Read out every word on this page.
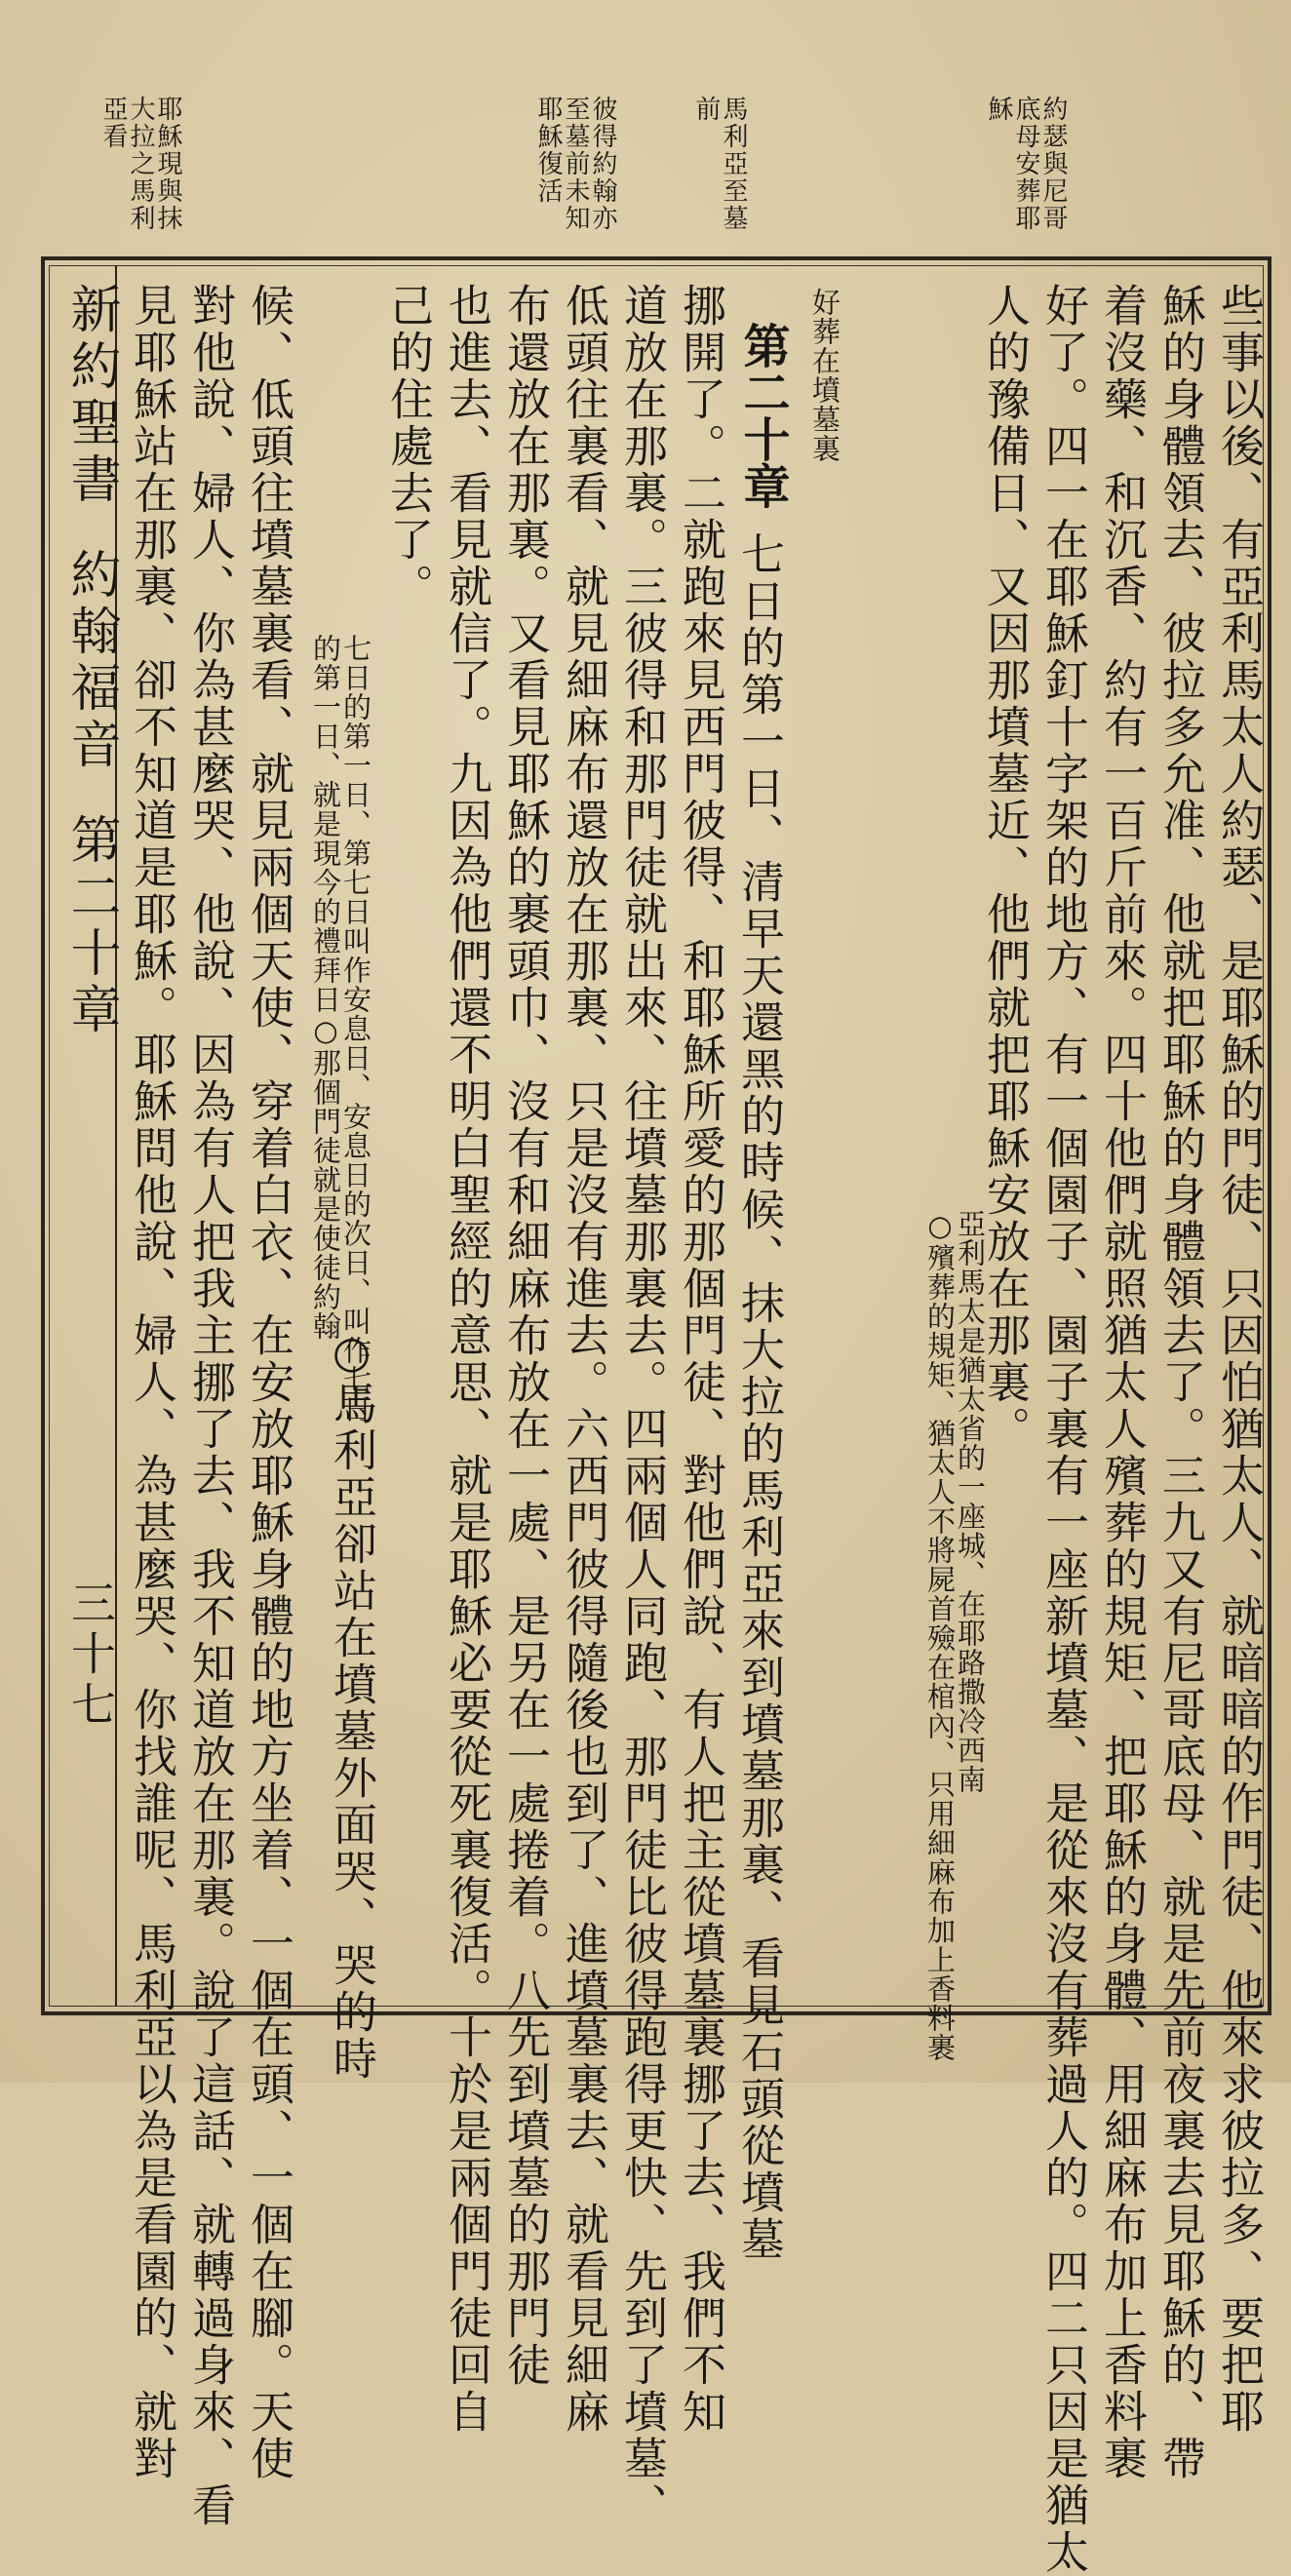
約瑟與尼哥
底母安葬耶
穌
馬利亞至墓
前
彼得約翰亦
至墓前未知
耶穌復活
耶穌現與抹
大拉之馬利
亞看
新約聖書約翰福音第二十章
三十七	些事以後、有亞利馬太人約瑟、是耶穌的門徒、只因怕猶太人、就暗暗的作門徒、他來求彼拉多、要把耶
穌的身體領去、彼拉多允准、他就把耶穌的身體領去了。三九又有尼哥底母、就是先前夜裏去見耶穌的、帶
着沒藥、和沉香、約有一百斤前來。四十他們就照猶太人殯葬的規矩、把耶穌的身體、用細麻布加上香料裹
好了。四一在耶穌釘十字架的地方、有一個園子、園子裏有一座新墳墓、是從來沒有葬過人的。四二只因是猶太
人的豫備日、又因那墳墓近、他們就把耶穌安放在那裏。
亞利馬太是猶太省的一座城、在耶路撒冷西南
○殯葬的規矩、猶太人不將屍首殮在棺內、只用細麻布加上香料裹
好葬在墳墓裏
第二十章
七日的第一日、清早天還黑的時候、抹大拉的馬利亞來到墳墓那裏、看見石頭從墳墓
挪開了。二就跑來見西門彼得、和耶穌所愛的那個門徒、對他們說、有人把主從墳墓裏挪了去、我們不知
道放在那裏。三彼得和那門徒就出來、往墳墓那裏去。四兩個人同跑、那門徒比彼得跑得更快、先到了墳墓、
低頭往裏看、就見細麻布還放在那裏、只是沒有進去。六西門彼得隨後也到了、進墳墓裏去、就看見細麻
布還放在那裏。又看見耶穌的裹頭巾、沒有和細麻布放在一處、是另在一處捲着。八先到墳墓的那門徒
也進去、看見就信了。九因為他們還不明白聖經的意思、就是耶穌必要從死裏復活。十於是兩個門徒回自
己的住處去了。
七日的第一日、第七日叫作安息日、安息日的次日、叫作七日
的第一日、就是現今的禮拜日○那個門徒就是使徒約翰
○馬利亞卻站在墳墓外面哭、哭的時
候、低頭往墳墓裏看、就見兩個天使、穿着白衣、在安放耶穌身體的地方坐着、一個在頭、一個在腳。天使
對他說、婦人、你為甚麼哭、他說、因為有人把我主挪了去、我不知道放在那裏。說了這話、就轉過身來、看
見耶穌站在那裏、卻不知道是耶穌。耶穌問他說、婦人、為甚麼哭、你找誰呢、馬利亞以為是看園的、就對
